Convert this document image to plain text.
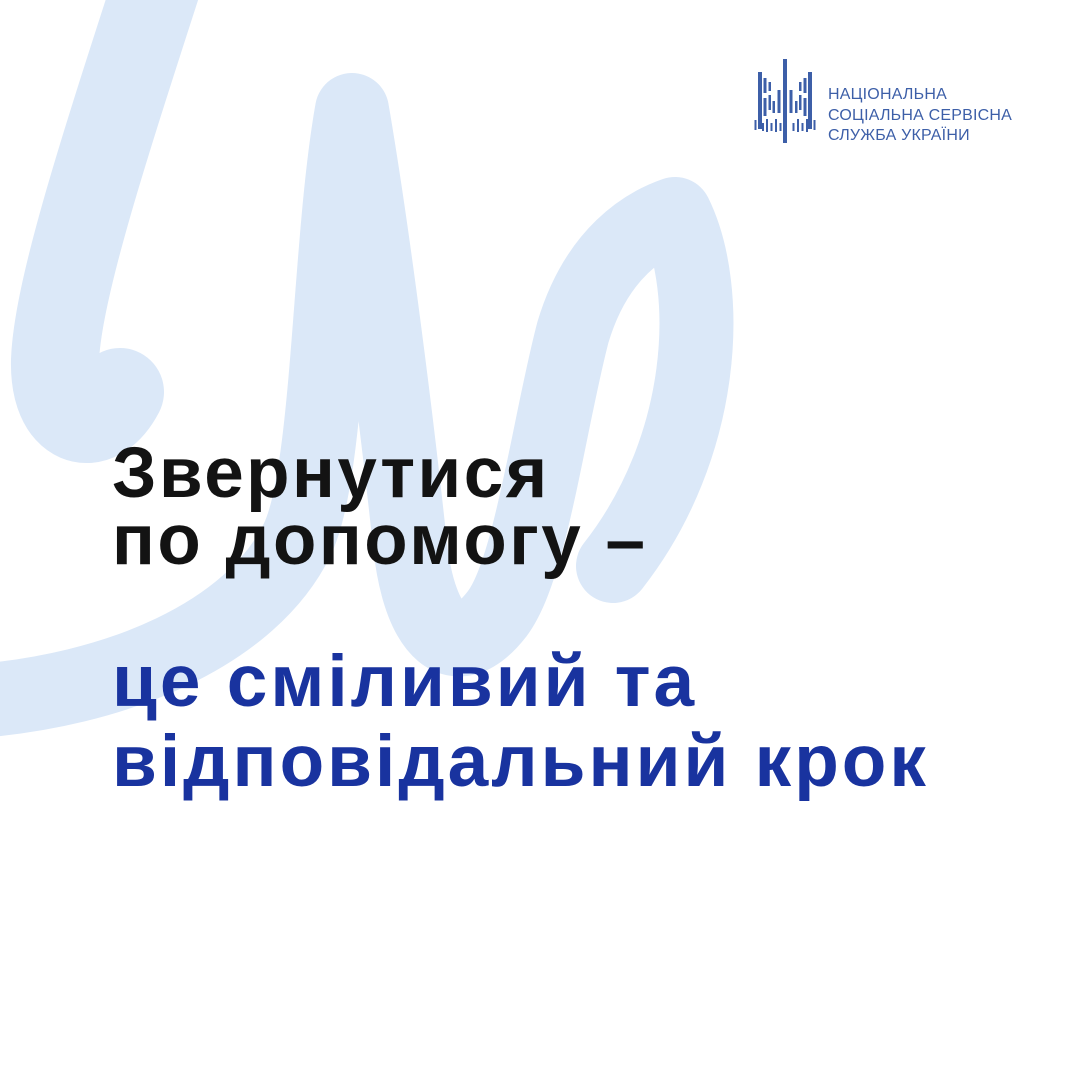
НАЦІОНАЛЬНА
СОЦІАЛЬНА СЕРВІСНА
СЛУЖБА УКРАЇНИ
Звернутися
по допомогу –
це сміливий та
відповідальний крок
